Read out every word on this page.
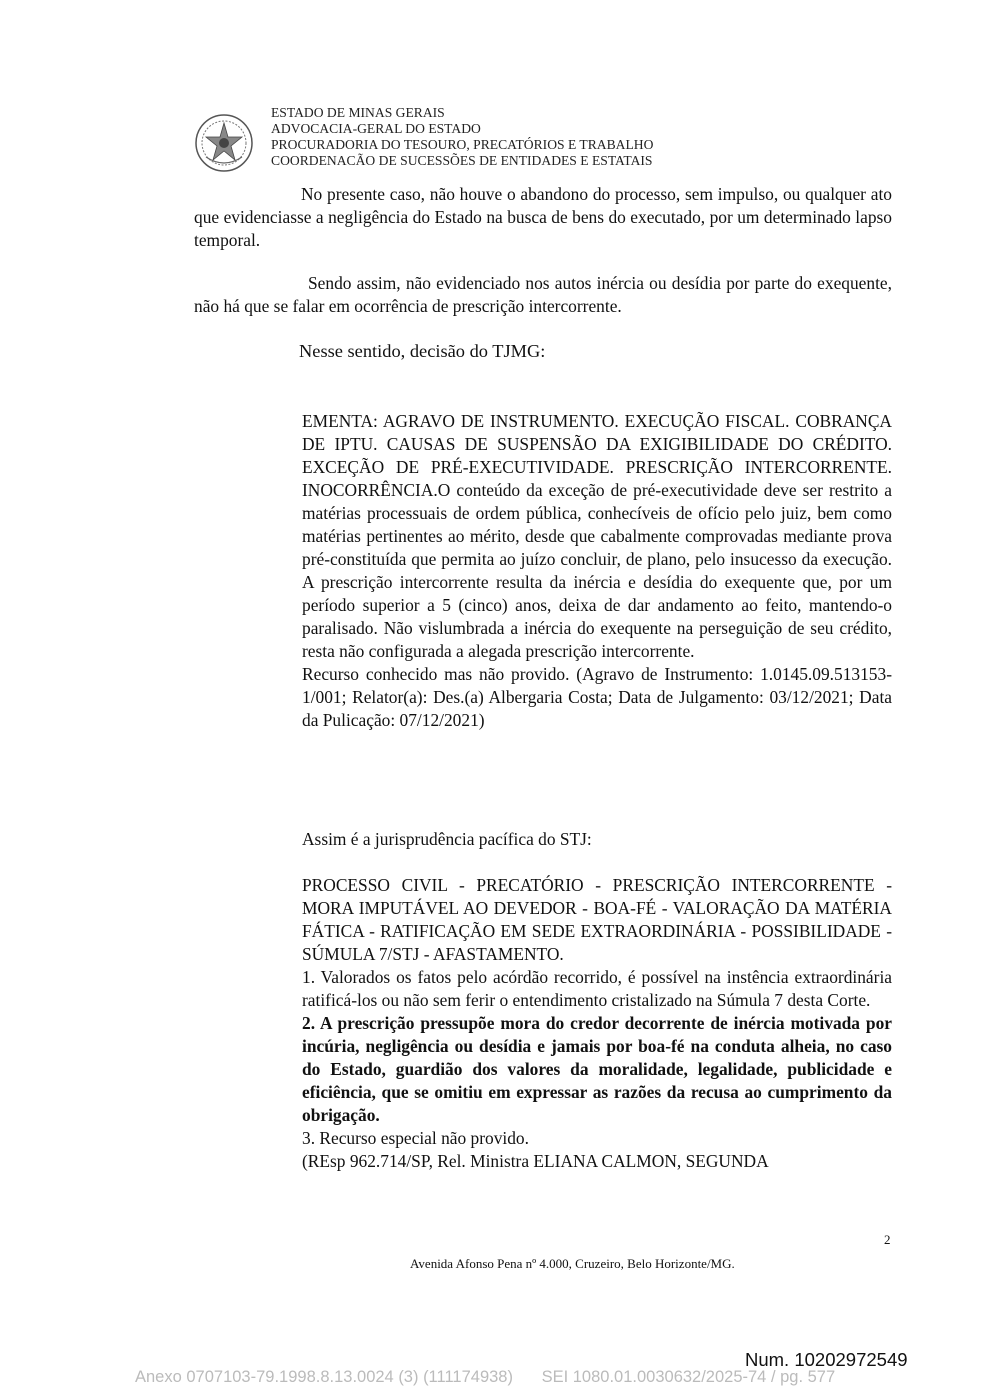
ESTADO DE MINAS GERAIS
ADVOCACIA-GERAL DO ESTADO
PROCURADORIA DO TESOURO, PRECATÓRIOS E TRABALHO
COORDENACÃO DE SUCESSÕES DE ENTIDADES E ESTATAIS

No presente caso, não houve o abandono do processo, sem impulso, ou qualquer ato que evidenciasse a negligência do Estado na busca de bens do executado, por um determinado lapso temporal.

Sendo assim, não evidenciado nos autos inércia ou desídia por parte do exequente, não há que se falar em ocorrência de prescrição intercorrente.

Nesse sentido, decisão do TJMG:

EMENTA: AGRAVO DE INSTRUMENTO. EXECUÇÃO FISCAL. COBRANÇA DE IPTU. CAUSAS DE SUSPENSÃO DA EXIGIBILIDADE DO CRÉDITO. EXCEÇÃO DE PRÉ-EXECUTIVIDADE. PRESCRIÇÃO INTERCORRENTE. INOCORRÊNCIA.O conteúdo da exceção de pré-executividade deve ser restrito a matérias processuais de ordem pública, conhecíveis de ofício pelo juiz, bem como matérias pertinentes ao mérito, desde que cabalmente comprovadas mediante prova pré-constituída que permita ao juízo concluir, de plano, pelo insucesso da execução. A prescrição intercorrente resulta da inércia e desídia do exequente que, por um período superior a 5 (cinco) anos, deixa de dar andamento ao feito, mantendo-o paralisado. Não vislumbrada a inércia do exequente na perseguição de seu crédito, resta não configurada a alegada prescrição intercorrente.

Recurso conhecido mas não provido. (Agravo de Instrumento: 1.0145.09.513153-1/001; Relator(a): Des.(a) Albergaria Costa; Data de Julgamento: 03/12/2021; Data da Pulicação: 07/12/2021)

Assim é a jurisprudência pacífica do STJ:

PROCESSO CIVIL - PRECATÓRIO - PRESCRIÇÃO INTERCORRENTE - MORA IMPUTÁVEL AO DEVEDOR - BOA-FÉ - VALORAÇÃO DA MATÉRIA FÁTICA - RATIFICAÇÃO EM SEDE EXTRAORDINÁRIA - POSSIBILIDADE - SÚMULA 7/STJ - AFASTAMENTO.

1. Valorados os fatos pelo acórdão recorrido, é possível na instência extraordinária ratificá-los ou não sem ferir o entendimento cristalizado na Súmula 7 desta Corte.

2. A prescrição pressupõe mora do credor decorrente de inércia motivada por incúria, negligência ou desídia e jamais por boa-fé na conduta alheia, no caso do Estado, guardião dos valores da moralidade, legalidade, publicidade e eficiência, que se omitiu em expressar as razões da recusa ao cumprimento da obrigação.

3. Recurso especial não provido.

(REsp 962.714/SP, Rel. Ministra ELIANA CALMON, SEGUNDA

2
Avenida Afonso Pena nº 4.000, Cruzeiro, Belo Horizonte/MG.
Num. 10202972549
Anexo 0707103-79.1998.8.13.0024 (3) (111174938) SEI 1080.01.0030632/2025-74 / pg. 577
